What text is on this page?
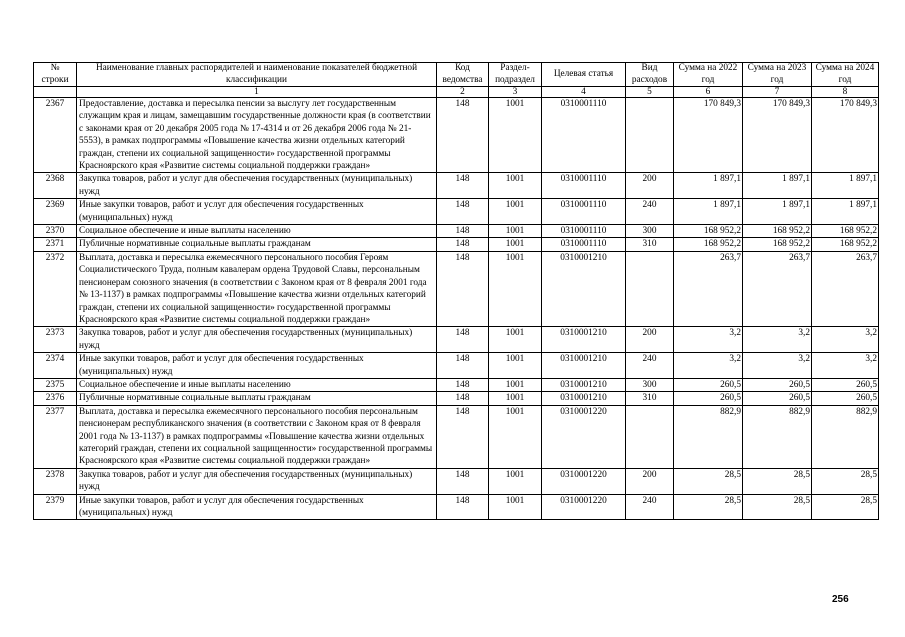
№ строки	Наименование главных распорядителей и наименование показателей бюджетной классификации	Код ведомства	Раздел-подраздел	Целевая статья	Вид расходов	Сумма на 2022 год	Сумма на 2023 год	Сумма на 2024 год
	1	2	3	4	5	6	7	8
2367	Предоставление, доставка и пересылка пенсии за выслугу лет государственным служащим края и лицам, замещавшим государственные должности края (в соответствии с законами края от 20 декабря 2005 года № 17-4314 и от 26 декабря 2006 года № 21-5553), в рамках подпрограммы «Повышение качества жизни отдельных категорий граждан, степени их социальной защищенности» государственной программы Красноярского края «Развитие системы социальной поддержки граждан»	148	1001	0310001110		170 849,3	170 849,3	170 849,3
2368	Закупка товаров, работ и услуг для обеспечения государственных (муниципальных) нужд	148	1001	0310001110	200	1 897,1	1 897,1	1 897,1
2369	Иные закупки товаров, работ и услуг для обеспечения государственных (муниципальных) нужд	148	1001	0310001110	240	1 897,1	1 897,1	1 897,1
2370	Социальное обеспечение и иные выплаты населению	148	1001	0310001110	300	168 952,2	168 952,2	168 952,2
2371	Публичные нормативные социальные выплаты гражданам	148	1001	0310001110	310	168 952,2	168 952,2	168 952,2
2372	Выплата, доставка и пересылка ежемесячного персонального пособия Героям Социалистического Труда, полным кавалерам ордена Трудовой Славы, персональным пенсионерам союзного значения (в соответствии с Законом края от 8 февраля 2001 года № 13-1137) в рамках подпрограммы «Повышение качества жизни отдельных категорий граждан, степени их социальной защищенности» государственной программы Красноярского края «Развитие системы социальной поддержки граждан»	148	1001	0310001210		263,7	263,7	263,7
2373	Закупка товаров, работ и услуг для обеспечения государственных (муниципальных) нужд	148	1001	0310001210	200	3,2	3,2	3,2
2374	Иные закупки товаров, работ и услуг для обеспечения государственных (муниципальных) нужд	148	1001	0310001210	240	3,2	3,2	3,2
2375	Социальное обеспечение и иные выплаты населению	148	1001	0310001210	300	260,5	260,5	260,5
2376	Публичные нормативные социальные выплаты гражданам	148	1001	0310001210	310	260,5	260,5	260,5
2377	Выплата, доставка и пересылка ежемесячного персонального пособия персональным пенсионерам республиканского значения (в соответствии с Законом края от 8 февраля 2001 года № 13-1137) в рамках подпрограммы «Повышение качества жизни отдельных категорий граждан, степени их социальной защищенности» государственной программы Красноярского края «Развитие системы социальной поддержки граждан»	148	1001	0310001220		882,9	882,9	882,9
2378	Закупка товаров, работ и услуг для обеспечения государственных (муниципальных) нужд	148	1001	0310001220	200	28,5	28,5	28,5
2379	Иные закупки товаров, работ и услуг для обеспечения государственных (муниципальных) нужд	148	1001	0310001220	240	28,5	28,5	28,5
256
